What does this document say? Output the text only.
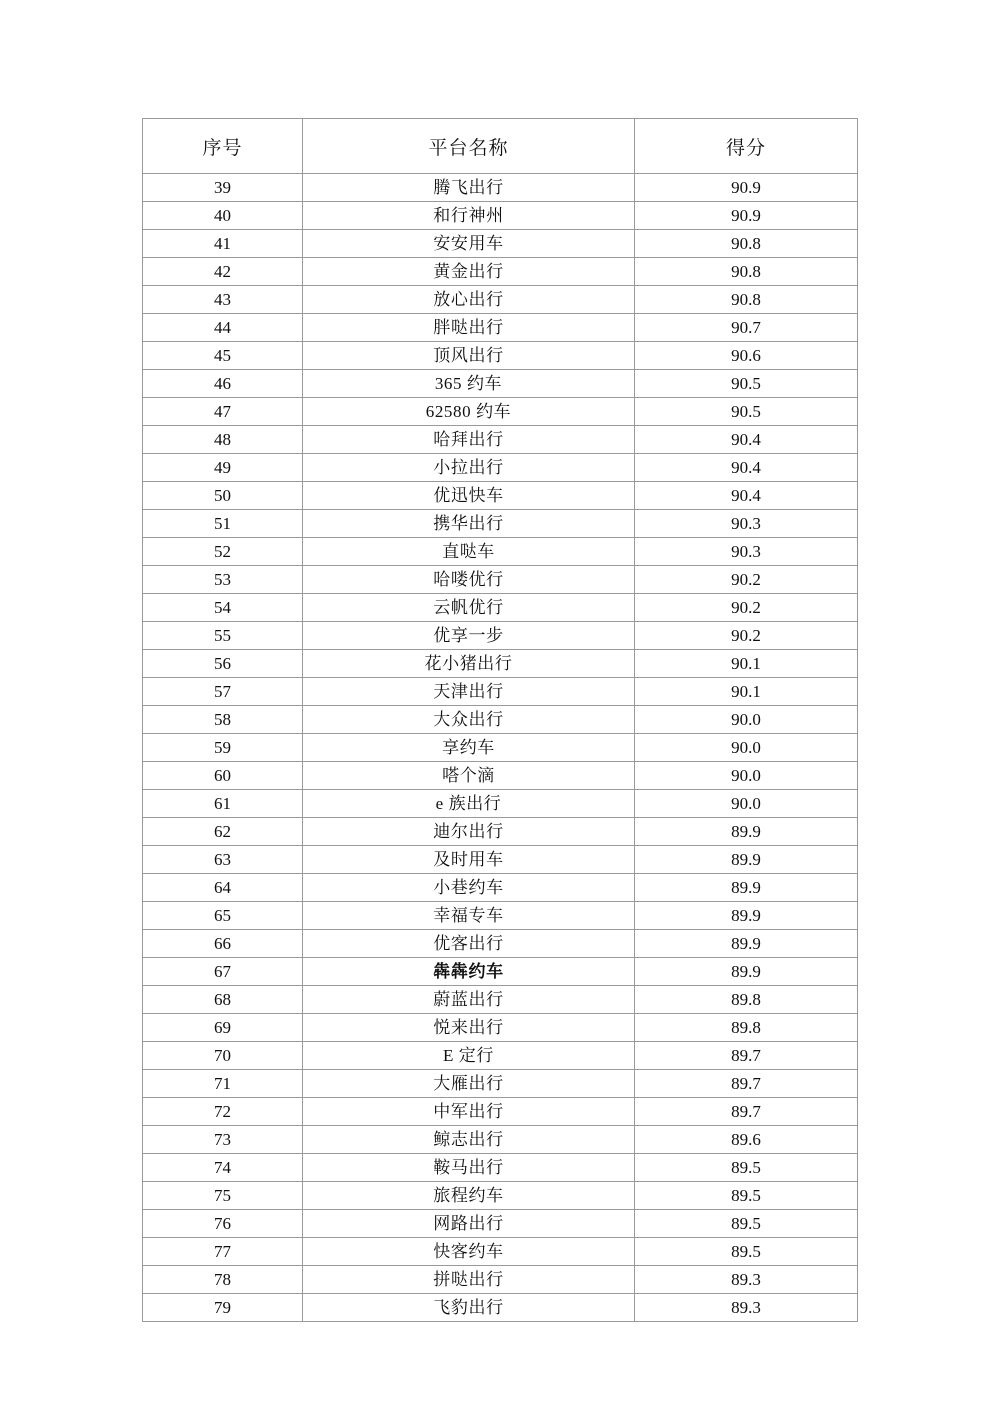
序号	平台名称	得分
39	腾飞出行	90.9
40	和行神州	90.9
41	安安用车	90.8
42	黄金出行	90.8
43	放心出行	90.8
44	胖哒出行	90.7
45	顶风出行	90.6
46	365 约车	90.5
47	62580 约车	90.5
48	哈拜出行	90.4
49	小拉出行	90.4
50	优迅快车	90.4
51	携华出行	90.3
52	直哒车	90.3
53	哈喽优行	90.2
54	云帆优行	90.2
55	优享一步	90.2
56	花小猪出行	90.1
57	天津出行	90.1
58	大众出行	90.0
59	享约车	90.0
60	嗒个滴	90.0
61	e 族出行	90.0
62	迪尔出行	89.9
63	及时用车	89.9
64	小巷约车	89.9
65	幸福专车	89.9
66	优客出行	89.9
67	犇犇约车	89.9
68	蔚蓝出行	89.8
69	悦来出行	89.8
70	E 定行	89.7
71	大雁出行	89.7
72	中军出行	89.7
73	鲸志出行	89.6
74	鞍马出行	89.5
75	旅程约车	89.5
76	网路出行	89.5
77	快客约车	89.5
78	拼哒出行	89.3
79	飞豹出行	89.3
